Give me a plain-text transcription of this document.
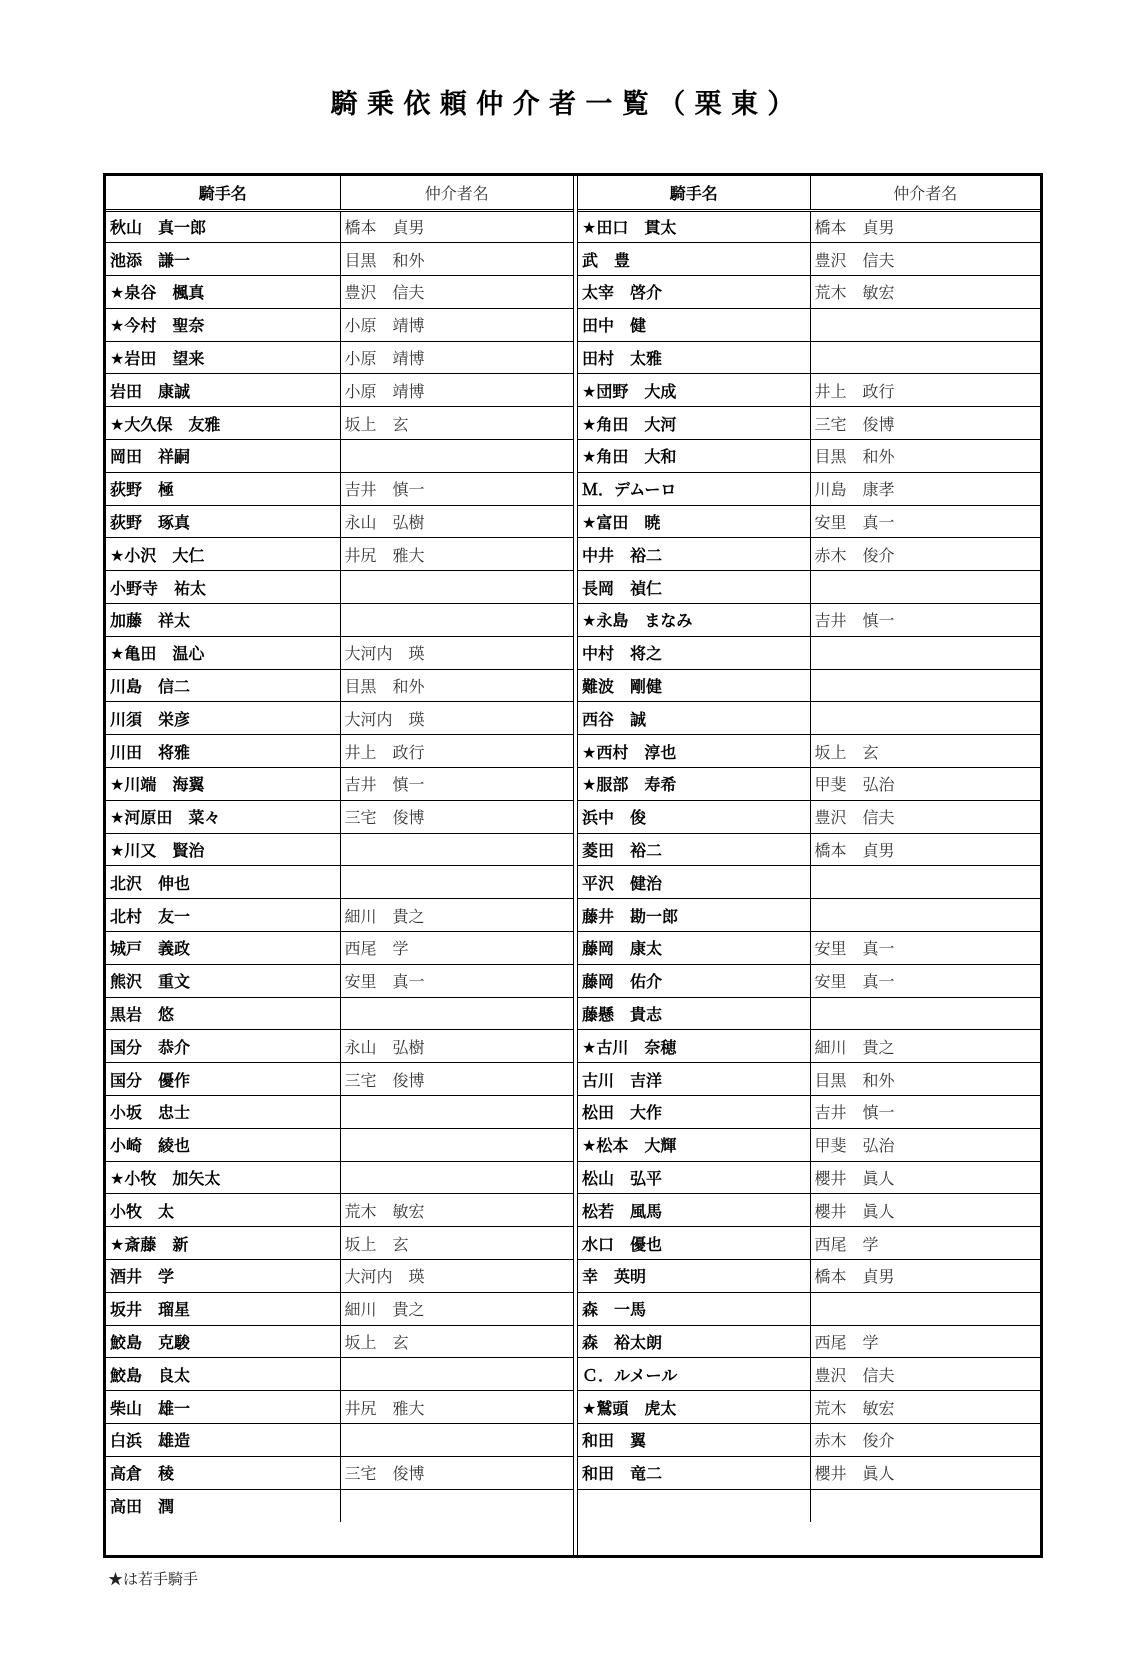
騎 乗 依 頼 仲 介 者 一 覧 （ 栗 東 ）
騎手名	仲介者名
秋山　真一郎	橋本　貞男
池添　謙一	目黒　和外
★泉谷　楓真	豊沢　信夫
★今村　聖奈	小原　靖博
★岩田　望来	小原　靖博
岩田　康誠	小原　靖博
★大久保　友雅	坂上　玄
岡田　祥嗣	
荻野　極	吉井　慎一
荻野　琢真	永山　弘樹
★小沢　大仁	井尻　雅大
小野寺　祐太	
加藤　祥太	
★亀田　温心	大河内　瑛
川島　信二	目黒　和外
川須　栄彦	大河内　瑛
川田　将雅	井上　政行
★川端　海翼	吉井　慎一
★河原田　菜々	三宅　俊博
★川又　賢治	
北沢　伸也	
北村　友一	細川　貴之
城戸　義政	西尾　学
熊沢　重文	安里　真一
黒岩　悠	
国分　恭介	永山　弘樹
国分　優作	三宅　俊博
小坂　忠士	
小崎　綾也	
★小牧　加矢太	
小牧　太	荒木　敏宏
★斎藤　新	坂上　玄
酒井　学	大河内　瑛
坂井　瑠星	細川　貴之
鮫島　克駿	坂上　玄
鮫島　良太	
柴山　雄一	井尻　雅大
白浜　雄造	
高倉　稜	三宅　俊博
高田　潤	
騎手名	仲介者名
★田口　貫太	橋本　貞男
武　豊	豊沢　信夫
太宰　啓介	荒木　敏宏
田中　健	
田村　太雅	
★団野　大成	井上　政行
★角田　大河	三宅　俊博
★角田　大和	目黒　和外
Ｍ．デムーロ	川島　康孝
★富田　暁	安里　真一
中井　裕二	赤木　俊介
長岡　禎仁	
★永島　まなみ	吉井　慎一
中村　将之	
難波　剛健	
西谷　誠	
★西村　淳也	坂上　玄
★服部　寿希	甲斐　弘治
浜中　俊	豊沢　信夫
菱田　裕二	橋本　貞男
平沢　健治	
藤井　勘一郎	
藤岡　康太	安里　真一
藤岡　佑介	安里　真一
藤懸　貴志	
★古川　奈穂	細川　貴之
古川　吉洋	目黒　和外
松田　大作	吉井　慎一
★松本　大輝	甲斐　弘治
松山　弘平	櫻井　眞人
松若　風馬	櫻井　眞人
水口　優也	西尾　学
幸　英明	橋本　貞男
森　一馬	
森　裕太朗	西尾　学
Ｃ．ルメール	豊沢　信夫
★鷲頭　虎太	荒木　敏宏
和田　翼	赤木　俊介
和田　竜二	櫻井　眞人

★は若手騎手
